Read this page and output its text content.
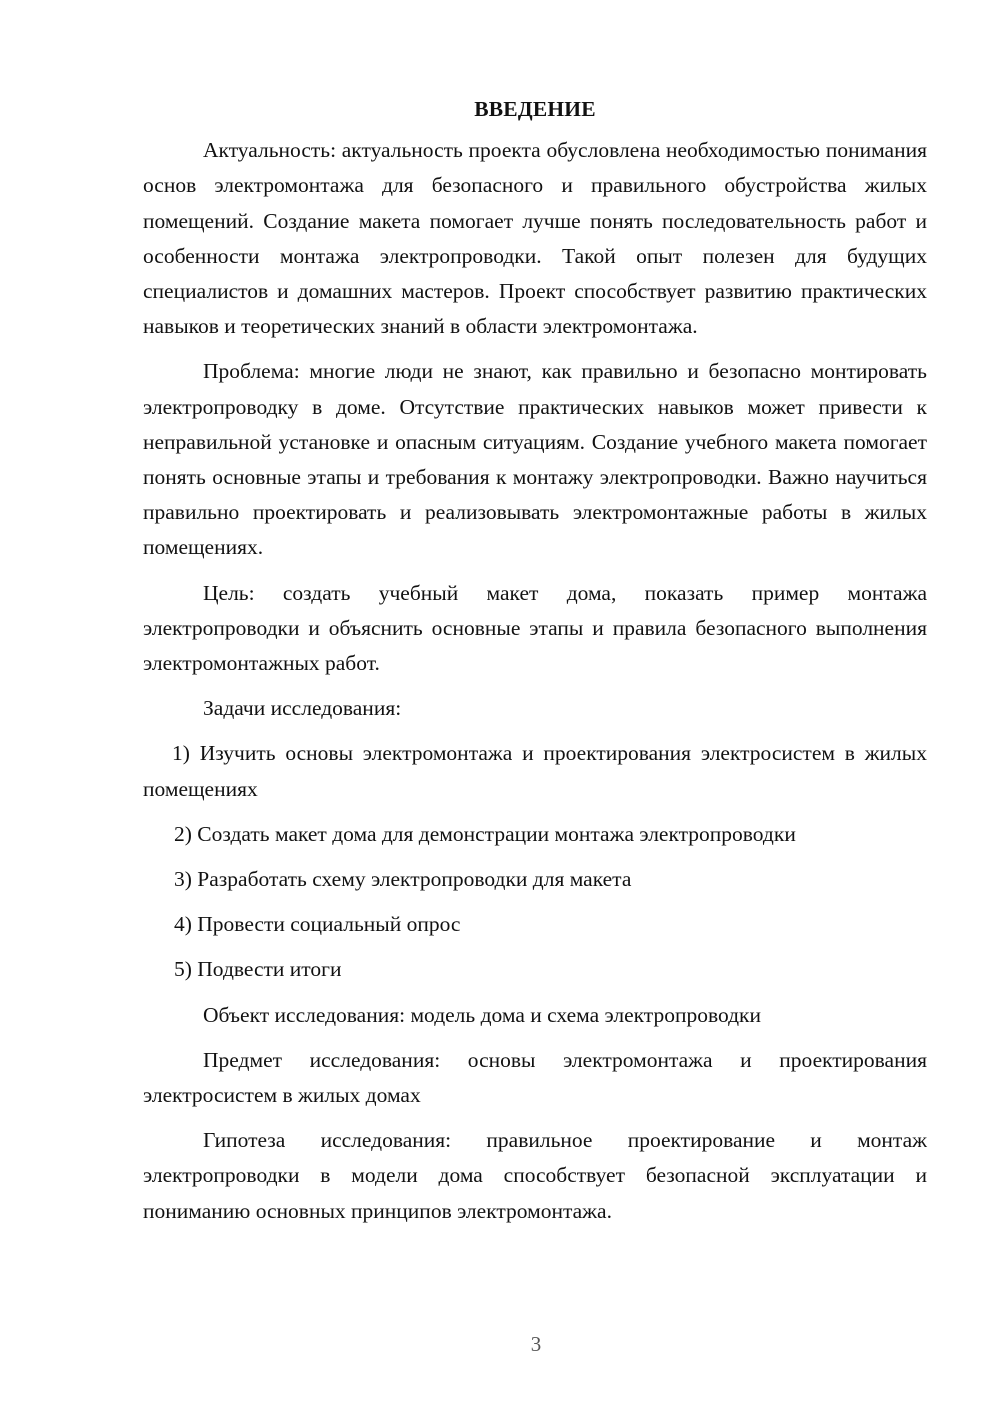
ВВЕДЕНИЕ

Актуальность: актуальность проекта обусловлена необходимостью понимания основ электромонтажа для безопасного и правильного обустройства жилых помещений. Создание макета помогает лучше понять последовательность работ и особенности монтажа электропроводки. Такой опыт полезен для будущих специалистов и домашних мастеров. Проект способствует развитию практических навыков и теоретических знаний в области электромонтажа.

Проблема: многие люди не знают, как правильно и безопасно монтировать электропроводку в доме. Отсутствие практических навыков может привести к неправильной установке и опасным ситуациям. Создание учебного макета помогает понять основные этапы и требования к монтажу электропроводки. Важно научиться правильно проектировать и реализовывать электромонтажные работы в жилых помещениях.

Цель: создать учебный макет дома, показать пример монтажа электропроводки и объяснить основные этапы и правила безопасного выполнения электромонтажных работ.

Задачи исследования:

1) Изучить основы электромонтажа и проектирования электросистем в жилых помещениях

2) Создать макет дома для демонстрации монтажа электропроводки

3) Разработать схему электропроводки для макета

4) Провести социальный опрос

5) Подвести итоги

Объект исследования: модель дома и схема электропроводки

Предмет исследования: основы электромонтажа и проектирования электросистем в жилых домах

Гипотеза исследования: правильное проектирование и монтаж электропроводки в модели дома способствует безопасной эксплуатации и пониманию основных принципов электромонтажа.

3
